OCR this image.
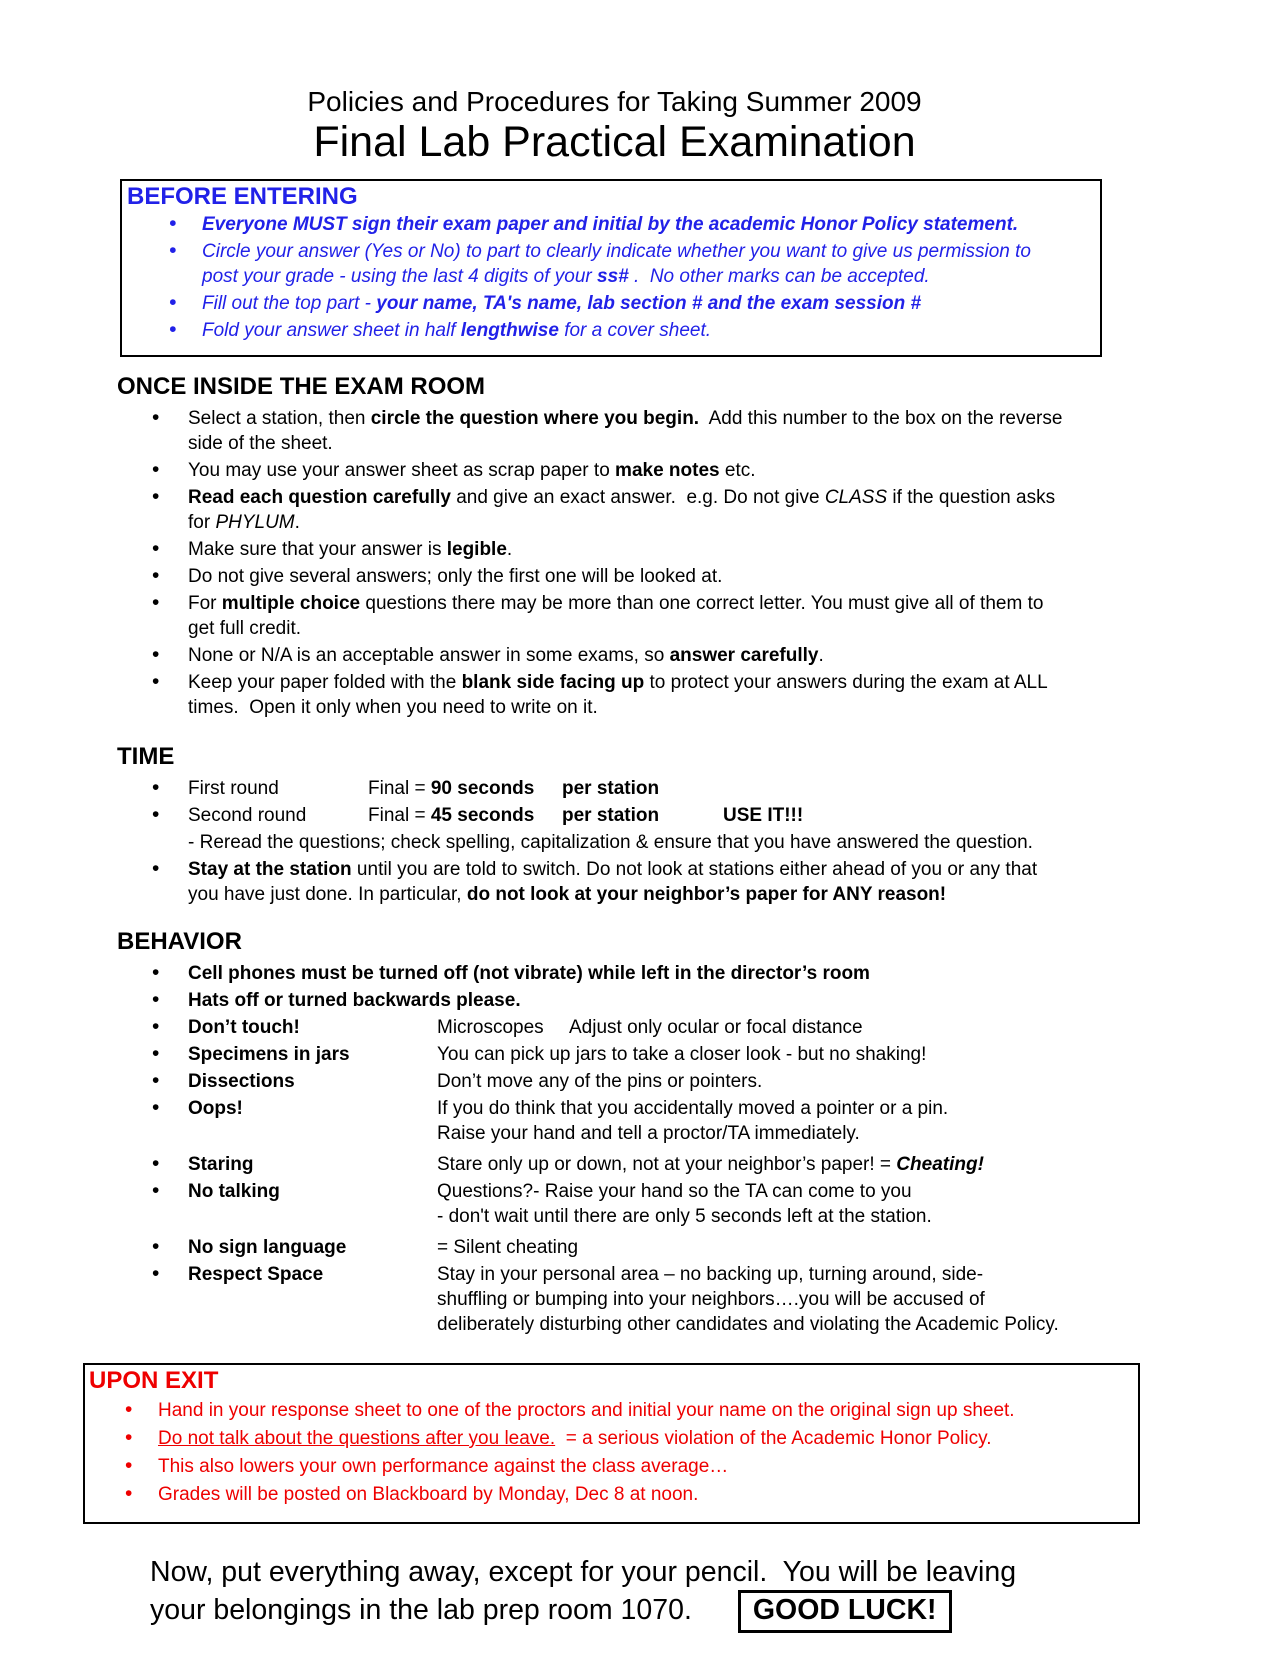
Policies and Procedures for Taking Summer 2009
Final Lab Practical Examination
BEFORE ENTERING
• Everyone MUST sign their exam paper and initial by the academic Honor Policy statement.
• Circle your answer (Yes or No) to part to clearly indicate whether you want to give us permission to
post your grade - using the last 4 digits of your ss# .  No other marks can be accepted.
• Fill out the top part - your name, TA's name, lab section # and the exam session #
• Fold your answer sheet in half lengthwise for a cover sheet.
ONCE INSIDE THE EXAM ROOM
• Select a station, then circle the question where you begin.  Add this number to the box on the reverse
side of the sheet.
• You may use your answer sheet as scrap paper to make notes etc.
• Read each question carefully and give an exact answer.  e.g. Do not give CLASS if the question asks
for PHYLUM.
• Make sure that your answer is legible.
• Do not give several answers; only the first one will be looked at.
• For multiple choice questions there may be more than one correct letter. You must give all of them to
get full credit.
• None or N/A is an acceptable answer in some exams, so answer carefully.
• Keep your paper folded with the blank side facing up to protect your answers during the exam at ALL
times.  Open it only when you need to write on it.
TIME
• First round	Final = 90 seconds per station
• Second round	Final = 45 seconds per station	USE IT!!!
- Reread the questions; check spelling, capitalization & ensure that you have answered the question.
• Stay at the station until you are told to switch. Do not look at stations either ahead of you or any that
you have just done. In particular, do not look at your neighbor’s paper for ANY reason!
BEHAVIOR
• Cell phones must be turned off (not vibrate) while left in the director’s room
• Hats off or turned backwards please.
• Don’t touch!	Microscopes     Adjust only ocular or focal distance
• Specimens in jars	You can pick up jars to take a closer look - but no shaking!
• Dissections	Don’t move any of the pins or pointers.
• Oops!	If you do think that you accidentally moved a pointer or a pin.
Raise your hand and tell a proctor/TA immediately.
• Staring	Stare only up or down, not at your neighbor’s paper! = Cheating!
• No talking	Questions?- Raise your hand so the TA can come to you
- don't wait until there are only 5 seconds left at the station.
• No sign language	= Silent cheating
• Respect Space	Stay in your personal area – no backing up, turning around, side-
shuffling or bumping into your neighbors….you will be accused of
deliberately disturbing other candidates and violating the Academic Policy.
UPON EXIT
• Hand in your response sheet to one of the proctors and initial your name on the original sign up sheet.
• Do not talk about the questions after you leave.  = a serious violation of the Academic Honor Policy.
• This also lowers your own performance against the class average…
• Grades will be posted on Blackboard by Monday, Dec 8 at noon.
Now, put everything away, except for your pencil.  You will be leaving
your belongings in the lab prep room 1070. GOOD LUCK!
